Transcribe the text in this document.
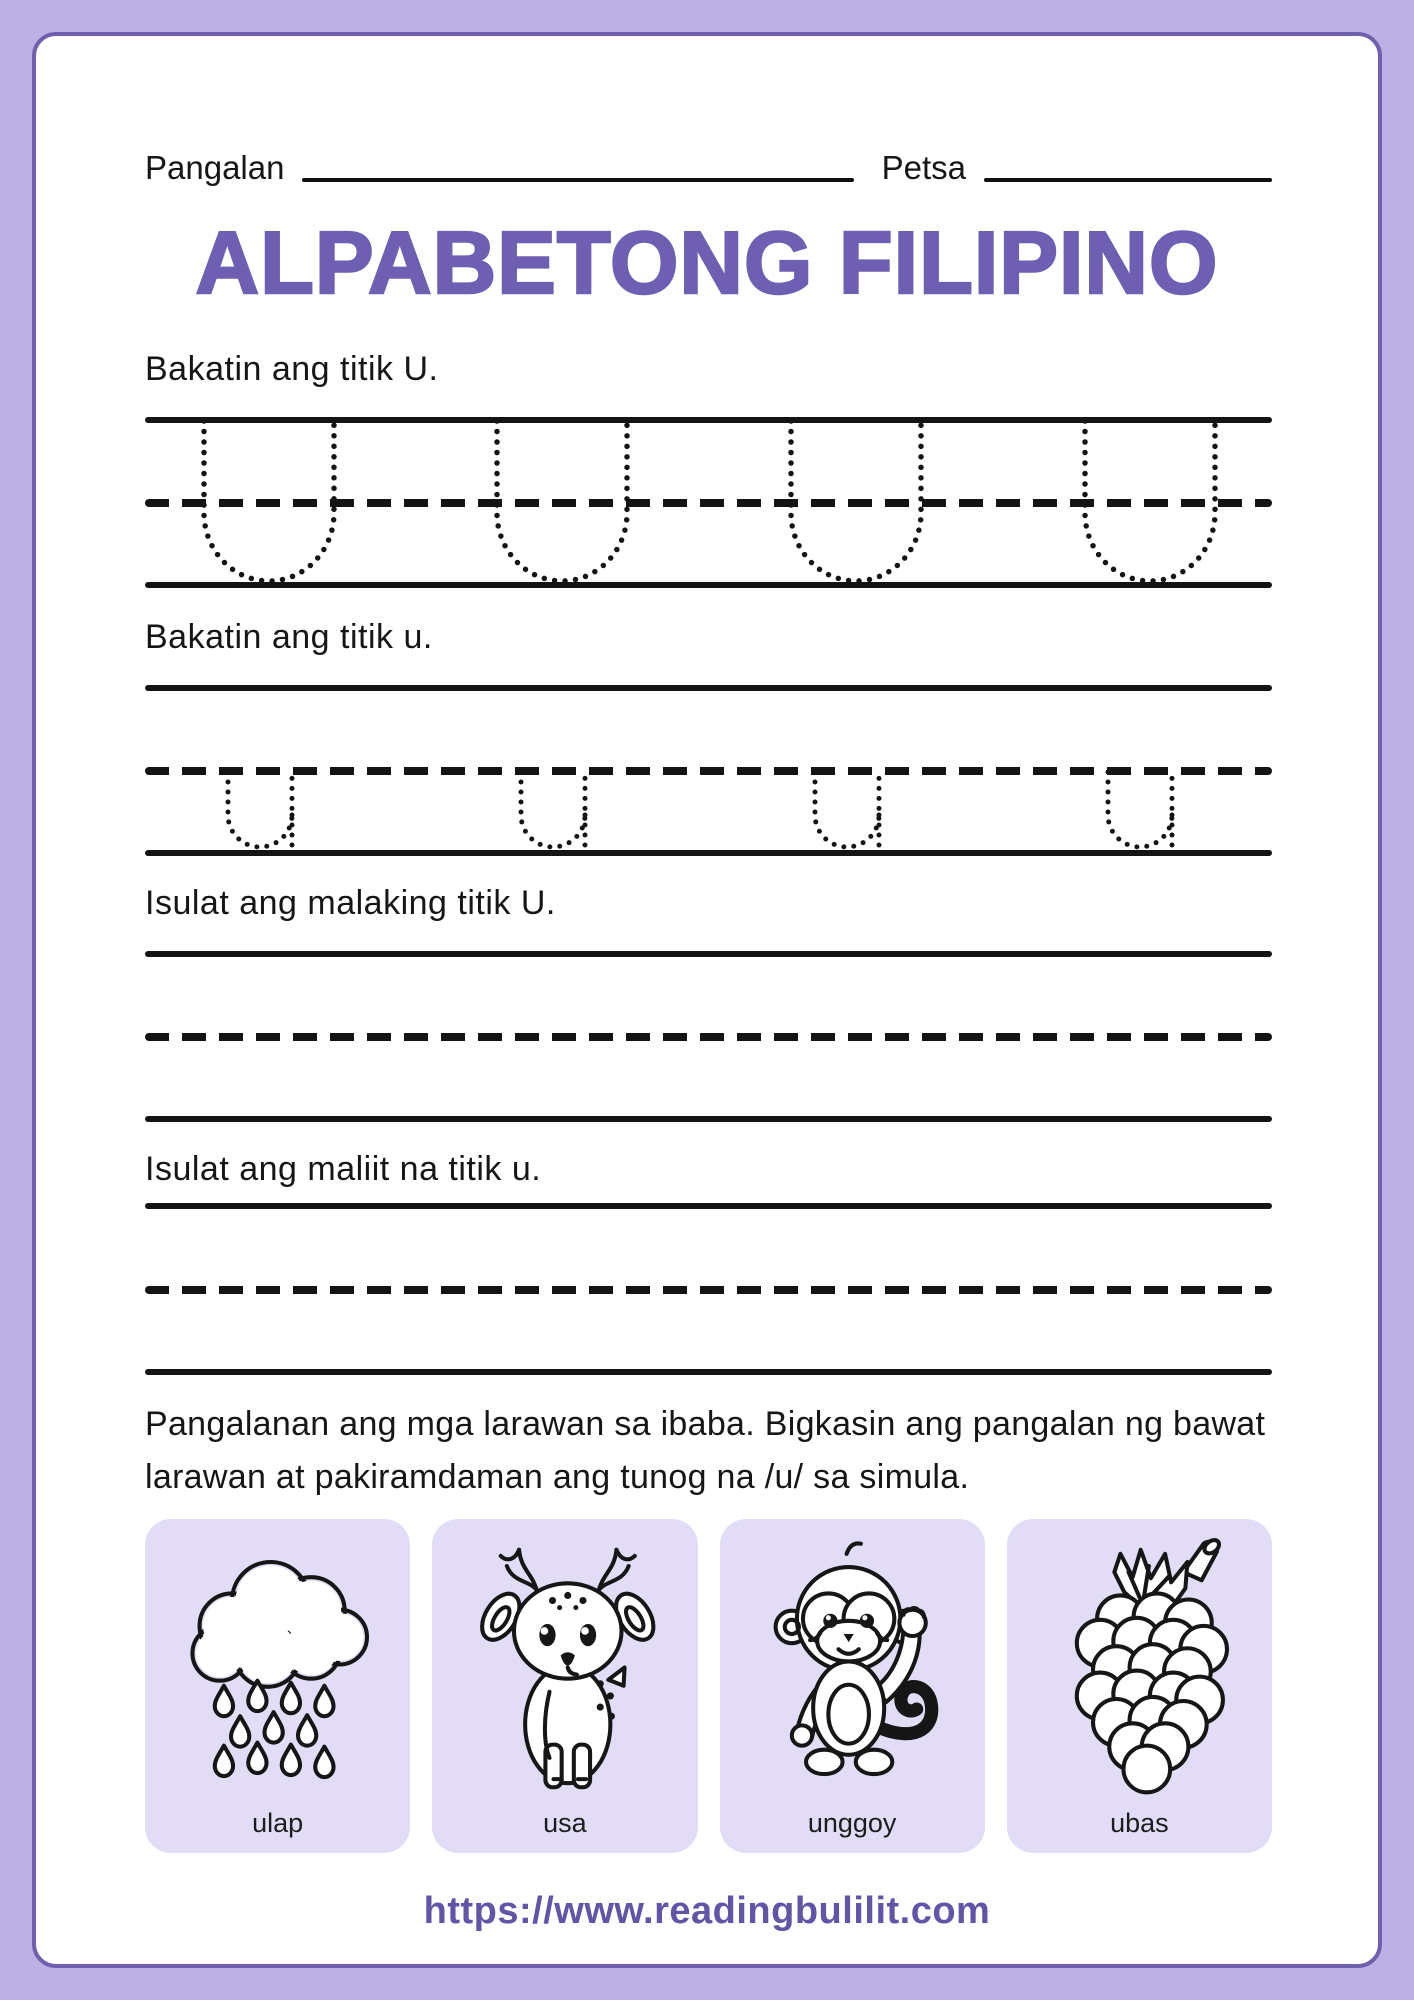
Pangalan	Petsa
ALPABETONG FILIPINO
Bakatin ang titik U.
Bakatin ang titik u.
Isulat ang malaking titik U.
Isulat ang maliit na titik u.
Pangalanan ang mga larawan sa ibaba. Bigkasin ang pangalan ng bawat larawan at pakiramdaman ang tunog na /u/ sa simula.
ulap	usa	unggoy	ubas
https://www.readingbulilit.com
